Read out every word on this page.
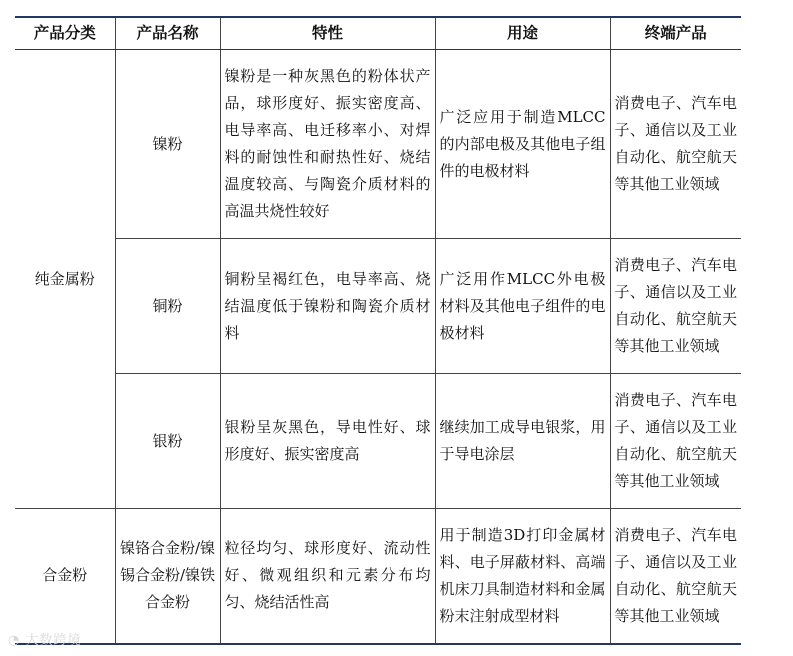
产品分类	产品名称	特性	用途	终端产品
纯金属粉	镍粉	镍粉是一种灰黑色的粉体状产品，球形度好、振实密度高、电导率高、电迁移率小、对焊料的耐蚀性和耐热性好、烧结温度较高、与陶瓷介质材料的高温共烧性较好	广泛应用于制造MLCC的内部电极及其他电子组件的电极材料	消费电子、汽车电子、通信以及工业自动化、航空航天等其他工业领域
	铜粉	铜粉呈褐红色，电导率高、烧结温度低于镍粉和陶瓷介质材料	广泛用作MLCC外电极材料及其他电子组件的电极材料	消费电子、汽车电子、通信以及工业自动化、航空航天等其他工业领域
	银粉	银粉呈灰黑色，导电性好、球形度好、振实密度高	继续加工成导电银浆，用于导电涂层	消费电子、汽车电子、通信以及工业自动化、航空航天等其他工业领域
合金粉	镍铬合金粉/镍锡合金粉/镍铁合金粉	粒径均匀、球形度好、流动性好、微观组织和元素分布均匀、烧结活性高	用于制造3D打印金属材料、电子屏蔽材料、高端机床刀具制造材料和金属粉末注射成型材料	消费电子、汽车电子、通信以及工业自动化、航空航天等其他工业领域
◔ 大数跨境
